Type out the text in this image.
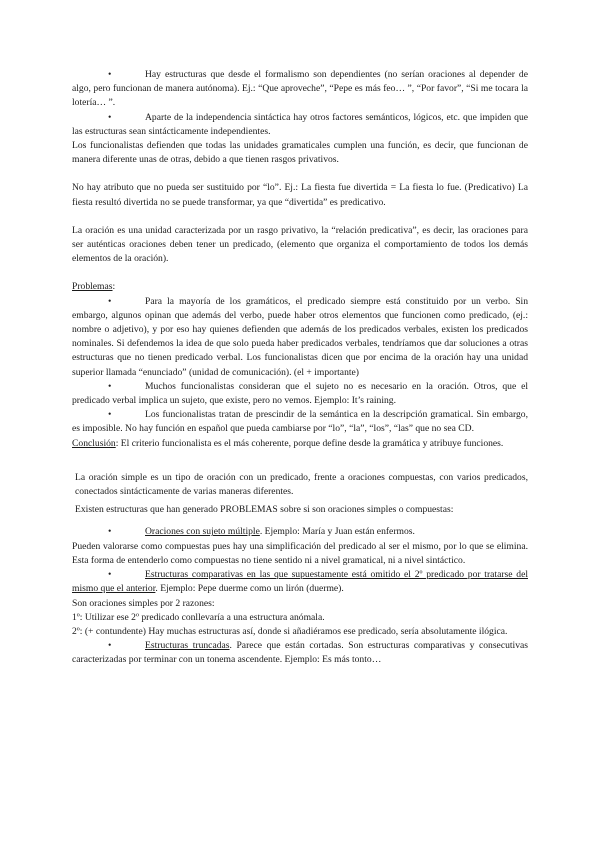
•	Hay estructuras que desde el formalismo son dependientes (no serían oraciones al depender de algo, pero funcionan de manera autónoma). Ej.: “Que aproveche”, “Pepe es más feo… ”, “Por favor”, “Si me tocara la lotería… ”.

•	Aparte de la independencia sintáctica hay otros factores semánticos, lógicos, etc. que impiden que las estructuras sean sintácticamente independientes.

Los funcionalistas defienden que todas las unidades gramaticales cumplen una función, es decir, que funcionan de manera diferente unas de otras, debido a que tienen rasgos privativos.

No hay atributo que no pueda ser sustituido por “lo”. Ej.: La fiesta fue divertida = La fiesta lo fue. (Predicativo) La fiesta resultó divertida no se puede transformar, ya que “divertida” es predicativo.

La oración es una unidad caracterizada por un rasgo privativo, la “relación predicativa”, es decir, las oraciones para ser auténticas oraciones deben tener un predicado, (elemento que organiza el comportamiento de todos los demás elementos de la oración).

Problemas:

•	Para la mayoría de los gramáticos, el predicado siempre está constituido por un verbo. Sin embargo, algunos opinan que además del verbo, puede haber otros elementos que funcionen como predicado, (ej.: nombre o adjetivo), y por eso hay quienes defienden que además de los predicados verbales, existen los predicados nominales. Si defendemos la idea de que solo pueda haber predicados verbales, tendríamos que dar soluciones a otras estructuras que no tienen predicado verbal. Los funcionalistas dicen que por encima de la oración hay una unidad superior llamada “enunciado” (unidad de comunicación). (el + importante)

•	Muchos funcionalistas consideran que el sujeto no es necesario en la oración. Otros, que el predicado verbal implica un sujeto, que existe, pero no vemos. Ejemplo: It’s raining.

•	Los funcionalistas tratan de prescindir de la semántica en la descripción gramatical. Sin embargo, es imposible. No hay función en español que pueda cambiarse por “lo”, “la”, “los”, “las” que no sea CD.

Conclusión: El criterio funcionalista es el más coherente, porque define desde la gramática y atribuye funciones.

La oración simple es un tipo de oración con un predicado, frente a oraciones compuestas, con varios predicados, conectados sintácticamente de varias maneras diferentes.

Existen estructuras que han generado PROBLEMAS sobre si son oraciones simples o compuestas:

•	Oraciones con sujeto múltiple. Ejemplo: María y Juan están enfermos.

Pueden valorarse como compuestas pues hay una simplificación del predicado al ser el mismo, por lo que se elimina. Esta forma de entenderlo como compuestas no tiene sentido ni a nivel gramatical, ni a nivel sintáctico.

•	Estructuras comparativas en las que supuestamente está omitido el 2º predicado por tratarse del mismo que el anterior. Ejemplo: Pepe duerme como un lirón (duerme).

Son oraciones simples por 2 razones:

1º: Utilizar ese 2º predicado conllevaría a una estructura anómala.

2º: (+ contundente) Hay muchas estructuras así, donde si añadiéramos ese predicado, sería absolutamente ilógica.

•	Estructuras truncadas. Parece que están cortadas. Son estructuras comparativas y consecutivas caracterizadas por terminar con un tonema ascendente. Ejemplo: Es más tonto…
